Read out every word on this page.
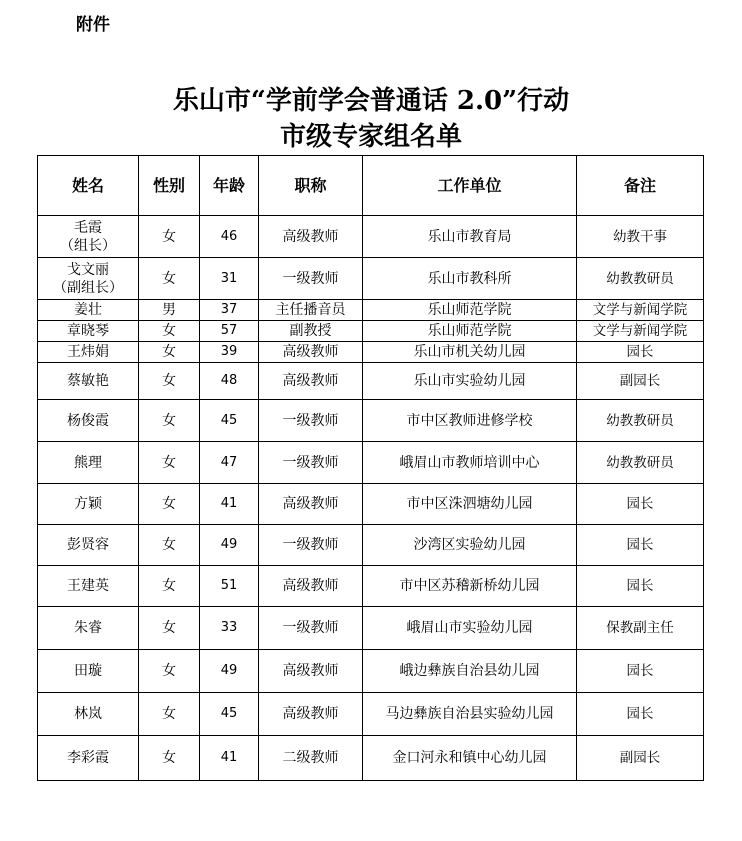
附件
乐山市“学前学会普通话 2.0”行动
市级专家组名单
姓名	性别	年龄	职称	工作单位	备注

毛霞
（组长）	女	46	高级教师	乐山市教育局	幼教干事

戈文丽
（副组长）	女	31	一级教师	乐山市教科所	幼教教研员

姜壮	男	37	主任播音员	乐山师范学院	文学与新闻学院

章晓琴	女	57	副教授	乐山师范学院	文学与新闻学院

王炜娟	女	39	高级教师	乐山市机关幼儿园	园长

蔡敏艳	女	48	高级教师	乐山市实验幼儿园	副园长

杨俊霞	女	45	一级教师	市中区教师进修学校	幼教教研员

熊理	女	47	一级教师	峨眉山市教师培训中心	幼教教研员

方颖	女	41	高级教师	市中区洙泗塘幼儿园	园长

彭贤容	女	49	一级教师	沙湾区实验幼儿园	园长

王建英	女	51	高级教师	市中区苏稽新桥幼儿园	园长

朱睿	女	33	一级教师	峨眉山市实验幼儿园	保教副主任

田璇	女	49	高级教师	峨边彝族自治县幼儿园	园长

林岚	女	45	高级教师	马边彝族自治县实验幼儿园	园长

李彩霞	女	41	二级教师	金口河永和镇中心幼儿园	副园长
